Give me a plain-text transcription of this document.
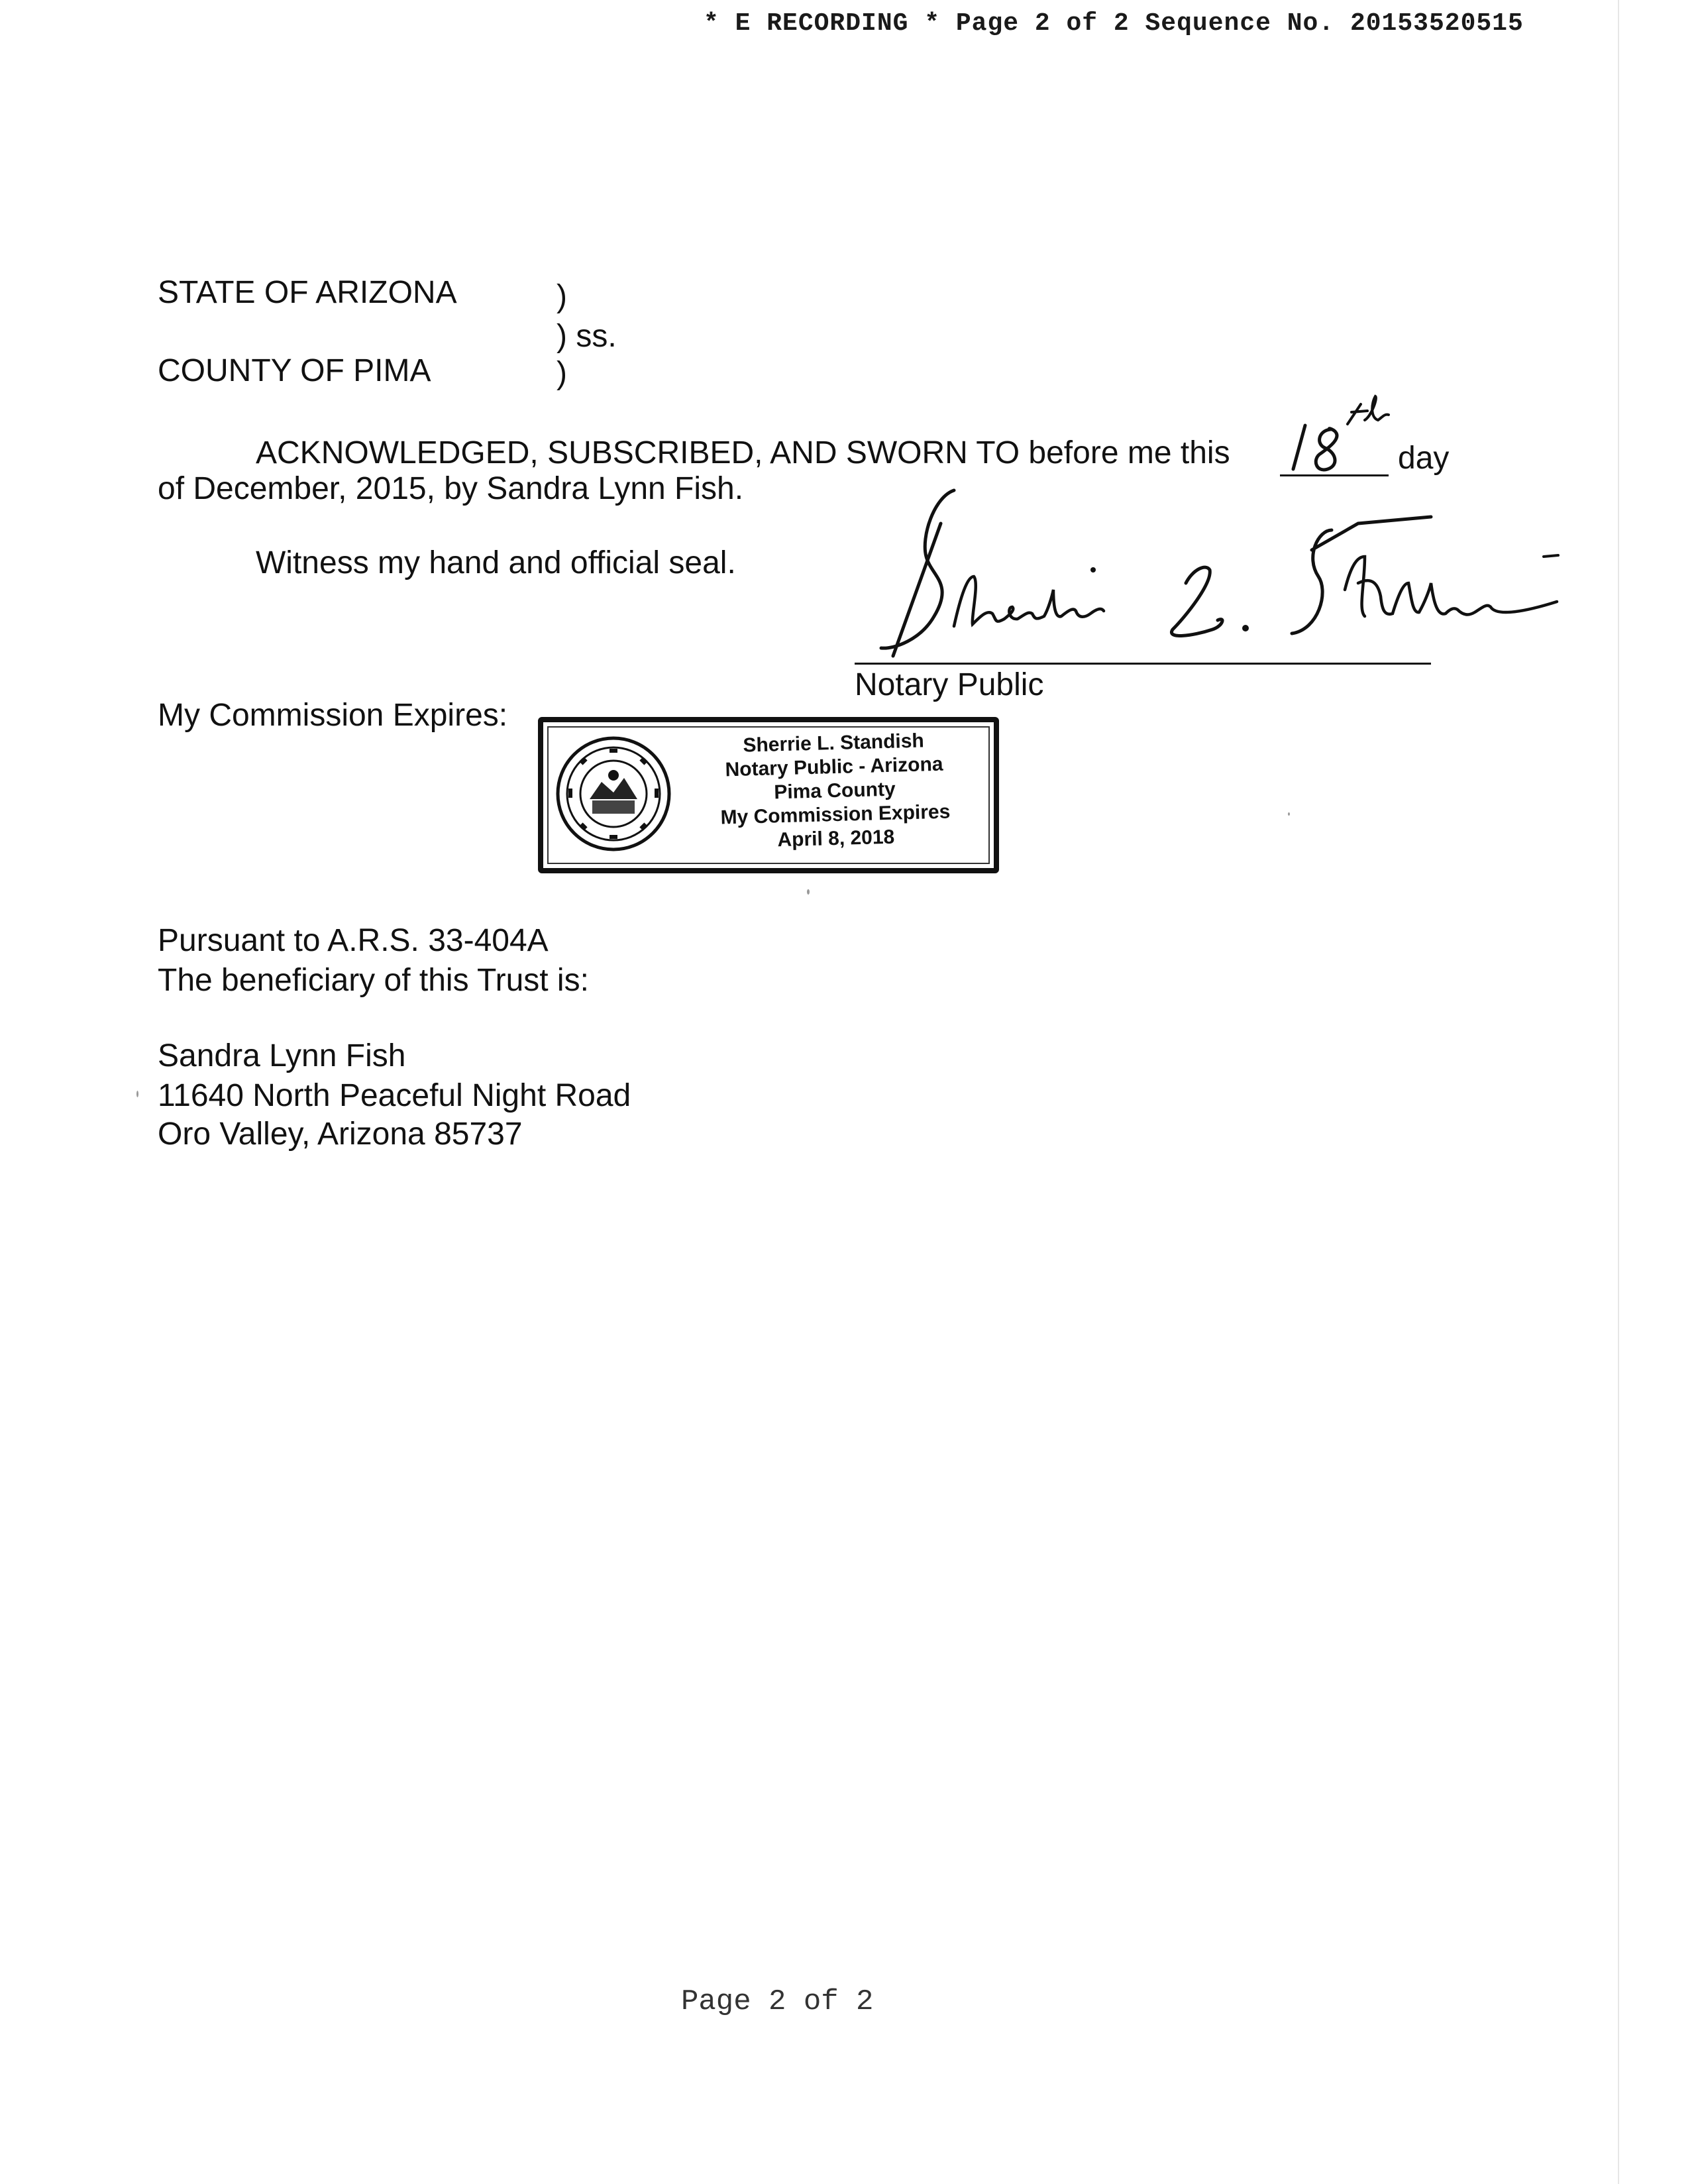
* E RECORDING * Page 2 of 2 Sequence No. 20153520515
STATE OF ARIZONA	)
) ss.
COUNTY OF PIMA	)
ACKNOWLEDGED, SUBSCRIBED, AND SWORN TO before me this	day
of December, 2015, by Sandra Lynn Fish.
Witness my hand and official seal.
Notary Public
My Commission Expires:
Sherrie L. Standish
Notary Public - Arizona
Pima County
My Commission Expires
April 8, 2018
Pursuant to A.R.S. 33-404A
The beneficiary of this Trust is:
Sandra Lynn Fish
11640 North Peaceful Night Road
Oro Valley, Arizona 85737
Page 2 of 2
